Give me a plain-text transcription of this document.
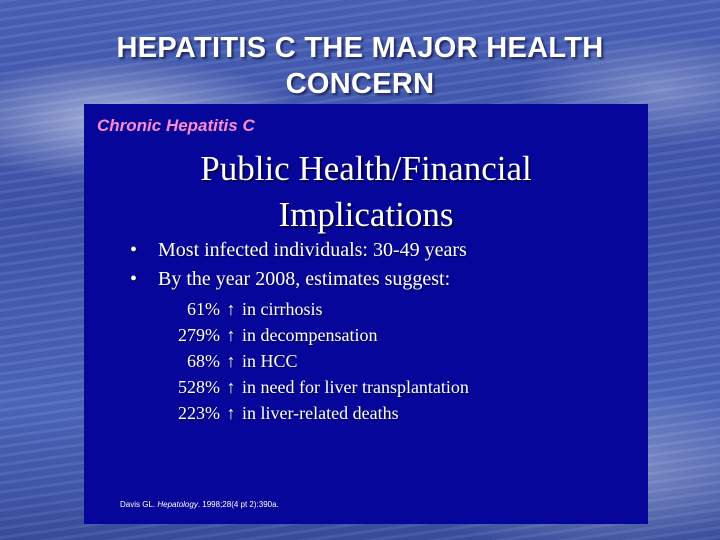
HEPATITIS C THE MAJOR HEALTH
CONCERN
Chronic Hepatitis C
Public Health/Financial
Implications
• Most infected individuals: 30-49 years
• By the year 2008, estimates suggest:
61% ↑ in cirrhosis
279% ↑ in decompensation
68% ↑ in HCC
528% ↑ in need for liver transplantation
223% ↑ in liver-related deaths
Davis GL. Hepatology. 1998;28(4 pt 2):390a.
